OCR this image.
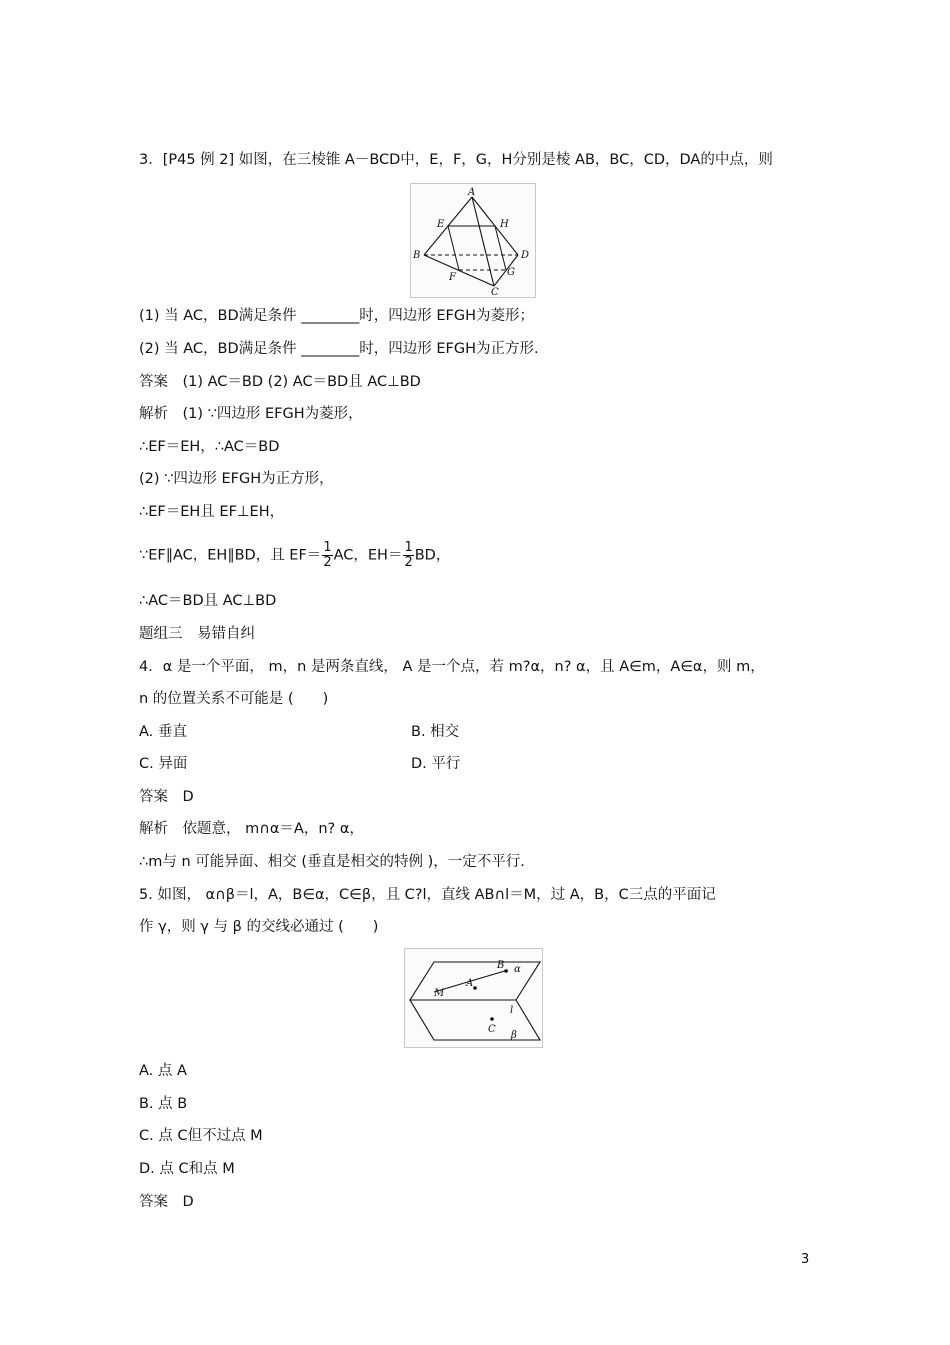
3．[P45 例 2] 如图，在三棱锥 A－BCD中，E，F，G，H分别是棱 AB，BC，CD，DA的中点，则
A
B
C
D
E
F	G
H
(1) 当 AC，BD满足条件 ________时，四边形 EFGH为菱形；
(2) 当 AC，BD满足条件 ________时，四边形 EFGH为正方形.
答案　(1) AC＝BD (2) AC＝BD且 AC⊥BD
解析　(1) ∵四边形 EFGH为菱形，
∴EF＝EH，∴AC＝BD
(2) ∵四边形 EFGH为正方形，
∴EF＝EH且 EF⊥EH，
∵EF∥AC，EH∥BD，且 $EF= \frac{1}{2}$ AC，$EH= \frac{1}{2}$ BD，
∴AC＝BD且 AC⊥BD
题组三　易错自纠
4．α 是一个平面， m，n 是两条直线， A 是一个点，若 m?α，n? α，且 A∈m，A∈α，则 m，
n 的位置关系不可能是 (　　)
A. 垂直	B. 相交
C. 异面	D. 平行
答案　D
解析　依题意， m∩α＝A，n? α，
∴m与 n 可能异面、相交 (垂直是相交的特例 )，一定不平行.
5. 如图， α∩β＝l，A，B∈α，C∈β，且 C?l，直线 AB∩l＝M，过 A，B，C三点的平面记
作 γ，则 γ 与 β 的交线必通过 (　　)
A
B
C
M
l
α
β
A. 点 A
B. 点 B
C. 点 C但不过点 M
D. 点 C和点 M
答案　D
3
